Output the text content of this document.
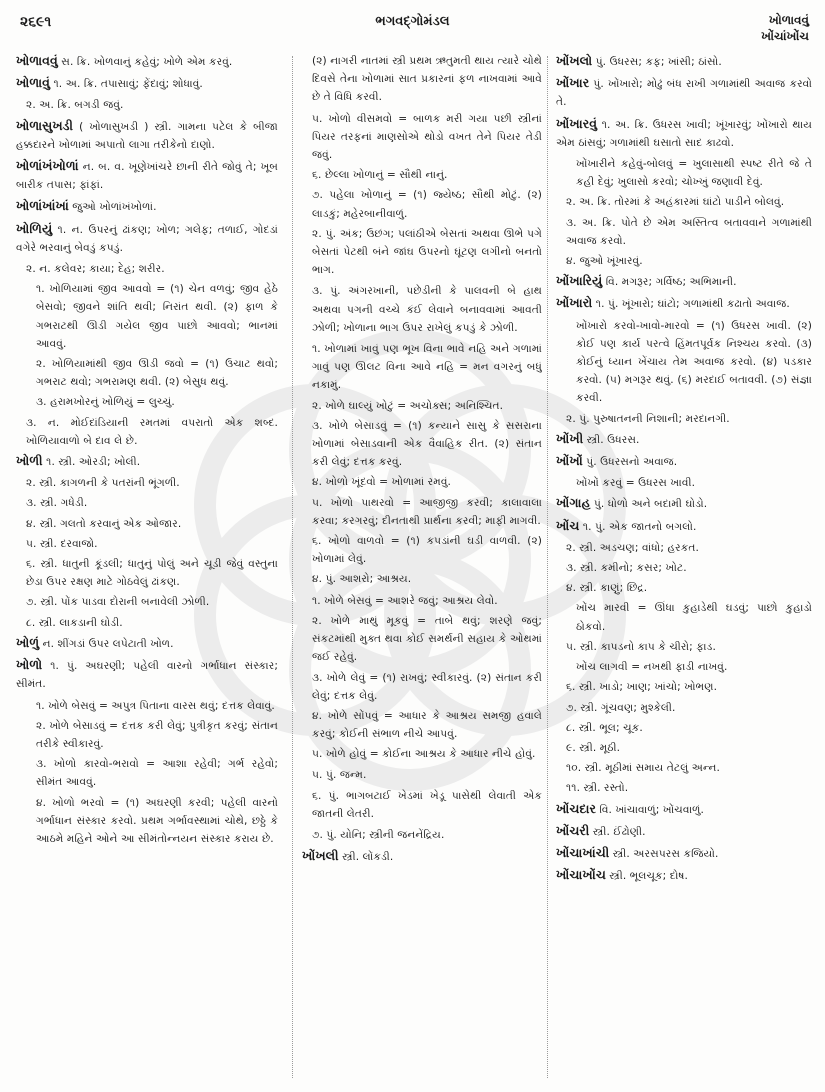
૨૬૯૧	ભગવદ્ગોમંડલ	ખોળાવવું
ખોંચાંખોંચ

ખોળાવવું સ. ક્રિ. ખોળવાનું કહેવું; ખોળે એમ કરવું.

ખોળાવું ૧. અ. ક્રિ. તપાસાવું; ફેંદાવું; શોધાવું.

૨. અ. ક્રિ. બગડી જવું.

ખોળાસુખડી ( ખોળાસુખડી ) સ્ત્રી. ગામના પટેલ કે બીજા હક્કદારને ખોળામાં અપાતો લાગા તરીકેનો દાણો.

ખોળાંખંખોળાં ન. બ. વ. ખૂણેખાંચરે છાની રીતે જોવું તે; ખૂબ બારીક તપાસ; ફાંફાં.

ખોળાંખાંખાં જુઓ ખોળાંખંખોળાં.

ખોળિયું ૧. ન. ઉપરનું ઢાંકણ; ખોળ; ગલેફ; તળાઈ, ગોદડાં વગેરે ભરવાનું બેવડું કપડું.

૨. ન. કલેવર; કાયા; દેહ; શરીર.

૧. ખોળિયામાં જીવ આવવો = (૧) ચેન વળવું; જીવ હેઠે બેસવો; જીવને શાંતિ થવી; નિરાંત થવી. (૨) ફાળ કે ગભરાટથી ઊડી ગયેલ જીવ પાછો આવવો; ભાનમાં આવવું.

૨. ખોળિયામાંથી જીવ ઊડી જવો = (૧) ઉચાટ થવો; ગભરાટ થવો; ગભરામણ થવી. (૨) બેસુધ થવું.

૩. હરામખોરનું ખોળિયું = લુચ્ચું.

૩. ન. મોઈદાંડિયાની રમતમાં વપરાતો એક શબ્દ. ખોળિયાવાળો બે દાવ લે છે.

ખોળી ૧. સ્ત્રી. ઓરડી; ખોલી.

૨. સ્ત્રી. કાગળની કે પતરાંની ભૂંગળી.

૩. સ્ત્રી. ગધેડી.

૪. સ્ત્રી. ગલતો કરવાનું એક ઓજાર.

૫. સ્ત્રી. દરવાજો.

૬. સ્ત્રી. ધાતુની કૂંડલી; ધાતુનું પોલું અને ચૂડી જેવું વસ્તુના છેડા ઉપર રક્ષણ માટે ગોઠવેલું ઢાંકણ.

૭. સ્ત્રી. પોંક પાડવા દોરાની બનાવેલી ઝોળી.

૮. સ્ત્રી. લાકડાની ઘોડી.

ખોળું ન. શીંગડાં ઉપર લપેટાતી ખોળ.

ખોળો ૧. પું. અઘરણી; પહેલી વારનો ગર્ભાધાન સંસ્કાર; સીમંત.

૧. ખોળે બેસવું = અપુત્ર પિતાના વારસ થવું; દત્તક લેવાવું.

૨. ખોળે બેસાડવું = દત્તક કરી લેવું; પુત્રીકૃત કરવું; સંતાન તરીકે સ્વીકારવું.

૩. ખોળો કારવો-ભરાવો = આશા રહેવી; ગર્ભ રહેવો; સીમંત આવવું.

૪. ખોળો ભરવો = (૧) અઘરણી કરવી; પહેલી વારનો ગર્ભાધાન સંસ્કાર કરવો. પ્રથમ ગર્ભાવસ્થામાં ચોથે, છઠ્ઠે કે આઠમે મહિને ઓને આ સીમંતોન્નયન સંસ્કાર કરાય છે.

(૨) નાગરી નાતમાં સ્ત્રી પ્રથમ ઋતુમતી થાય ત્યારે ચોથે દિવસે તેના ખોળામાં સાત પ્રકારનાં ફળ નાખવામાં આવે છે તે વિધિ કરવી.

૫. ખોળો વીસમવો = બાળક મરી ગયા પછી સ્ત્રીનાં પિયર તરફનાં માણસોએ થોડો વખત તેને પિયર તેડી જવું.

૬. છેલ્લા ખોળાનું = સૌથી નાનું.

૭. પહેલા ખોળાનું = (૧) જ્યેષ્ઠ; સૌથી મોટું. (૨) લાડકું; મહેરબાનીવાળું.

૨. પું. અંક; ઉછંગ; પલાંઠીએ બેસતાં અથવા ઊભે પગે બેસતાં પેટથી બંને જાંઘ ઉપરનો ઘૂંટણ લગીનો બનતો ભાગ.

૩. પું. અંગરખાની, પછેડીની કે પાલવની બે હાથ અથવા પગની વચ્ચે કંઈ લેવાને બનાવવામાં આવતી ઝોળી; ખોળાના ભાગ ઉપર રાખેલું કપડું કે ઝોળી.

૧. ખોળામાં ખાવું પણ ભૂખ વિના ભાવે નહિ અને ગળામાં ગાવું પણ ઊલટ વિના આવે નહિ = મન વગરનું બધું નકામું.

૨. ખોળે ઘાલ્યું ખોટું = અચોક્સ; અનિશ્ચિત.

૩. ખોળે બેસાડવું = (૧) કન્યાને સાસુ કે સસરાના ખોળામાં બેસાડવાની એક વૈવાહિક રીત. (૨) સંતાન કરી લેવું; દત્તક કરવું.

૪. ખોળો ખૂંદવો = ખોળામાં રમવું.

૫. ખોળો પાથરવો = આજીજી કરવી; કાલાવાલા કરવા; કરગરવું; દીનતાથી પ્રાર્થના કરવી; માફી માગવી.

૬. ખોળો વાળવો = (૧) કપડાંની ઘડી વાળવી. (૨) ખોળામાં લેવું.

૪. પું. આશરો; આશ્રય.

૧. ખોળે બેસવું = આશરે જવું; આશ્રય લેવો.

૨. ખોળે માથું મૂકવું = તાબે થવું; શરણે જવું; સંકટમાંથી મુક્ત થવા કોઈ સમર્થની સહાય કે ઓથમાં જઈ રહેવું.

૩. ખોળે લેવું = (૧) રાખવું; સ્વીકારવું. (૨) સંતાન કરી લેવું; દત્તક લેવું.

૪. ખોળે સોંપવું = આધાર કે આશ્રય સમજી હવાલે કરવું; કોઈની સંભાળ નીચે આપવું.

૫. ખોળે હોવું = કોઈના આશ્રય કે આધાર નીચે હોવું.

૫. પું. જન્મ.

૬. પું. ભાગબટાઈ ખેડમાં ખેડૂ પાસેથી લેવાતી એક જાતની લેતરી.

૭. પું. યોનિ; સ્ત્રીની જનનેંદ્રિય.

ખોંખલી સ્ત્રી. લોંકડી.

ખોંખલો પું. ઉધરસ; કફ; ખાંસી; ઠાંસો.

ખોંખાર પું. ખોંખારો; મોઢું બંધ રાખી ગળામાંથી અવાજ કરવો તે.

ખોંખારવું ૧. અ. ક્રિ. ઉધરસ ખાવી; ખૂંખારવું; ખોંખારો થાય એમ ઠાંસવું; ગળામાંથી ઘસાતો સાદ કાઢવો.

ખોંખારીને કહેવું-બોલવું = ખુલાસાથી સ્પષ્ટ રીતે જે તે કહી દેવું; ખુલાસો કરવો; ચોખ્ખું જણાવી દેવું.

૨. અ. ક્રિ. તોરમાં કે અહંકારમાં ઘાંટો પાડીને બોલવું.

૩. અ. ક્રિ. પોતે છે એમ અસ્તિત્વ બતાવવાને ગળામાંથી અવાજ કરવો.

૪. જુઓ ખૂંખારવું.

ખોંખારિયું વિ. મગરૂર; ગર્વિષ્ઠ; અભિમાની.

ખોંખારો ૧. પું. ખૂંખારો; ઘાંટો; ગળામાંથી કઢાતો અવાજ.

ખોંખારો કરવો-ખાવો-મારવો = (૧) ઉધરસ ખાવી. (૨) કોઈ પણ કાર્ય પરત્વે હિંમતપૂર્વક નિશ્ચય કરવો. (૩) કોઈનું ધ્યાન ખેંચાય તેમ અવાજ કરવો. (૪) પડકાર કરવો. (૫) મગરૂર થવું. (૬) મરદાઈ બતાવવી. (૭) સંજ્ઞા કરવી.

૨. પું. પુરુષાતનની નિશાની; મરદાનગી.

ખોંખી સ્ત્રી. ઉધરસ.

ખોંખોં પું. ઉધરસનો અવાજ.

ખોંખોં કરવું = ઉધરસ ખાવી.

ખોંગાહ પું. ધોળો અને બદામી ઘોડો.

ખોંચ ૧. પું. એક જાતનો બગલો.

૨. સ્ત્રી. અડચણ; વાંધો; હરકત.

૩. સ્ત્રી. કમીનો; કસર; ખોટ.

૪. સ્ત્રી. કાણું; છિદ્ર.

ખોંચ મારવી = ઊંધા કુહાડેથી ઘડવું; પાછો કુહાડો ઠોકવો.

૫. સ્ત્રી. કાપડનો કાપ કે ચીરો; ફાડ.

ખોંચ લાગવી = નખથી ફાડી નાખવું.

૬. સ્ત્રી. ખાડો; ખાણ; ખાંચો; ખોભણ.

૭. સ્ત્રી. ગૂંચવણ; મુશ્કેલી.

૮. સ્ત્રી. ભૂલ; ચૂક.

૯. સ્ત્રી. મૂઠી.

૧૦. સ્ત્રી. મૂઠીમાં સમાય તેટલું અન્ન.

૧૧. સ્ત્રી. રસ્તો.

ખોંચદાર વિ. ખાંચાવાળું; ખોંચવાળું.

ખોંચરી સ્ત્રી. ઈંઢોણી.

ખોંચાખાંચી સ્ત્રી. અરસપરસ કજિયો.

ખોંચાખોંચ સ્ત્રી. ભૂલચૂક; દોષ.
